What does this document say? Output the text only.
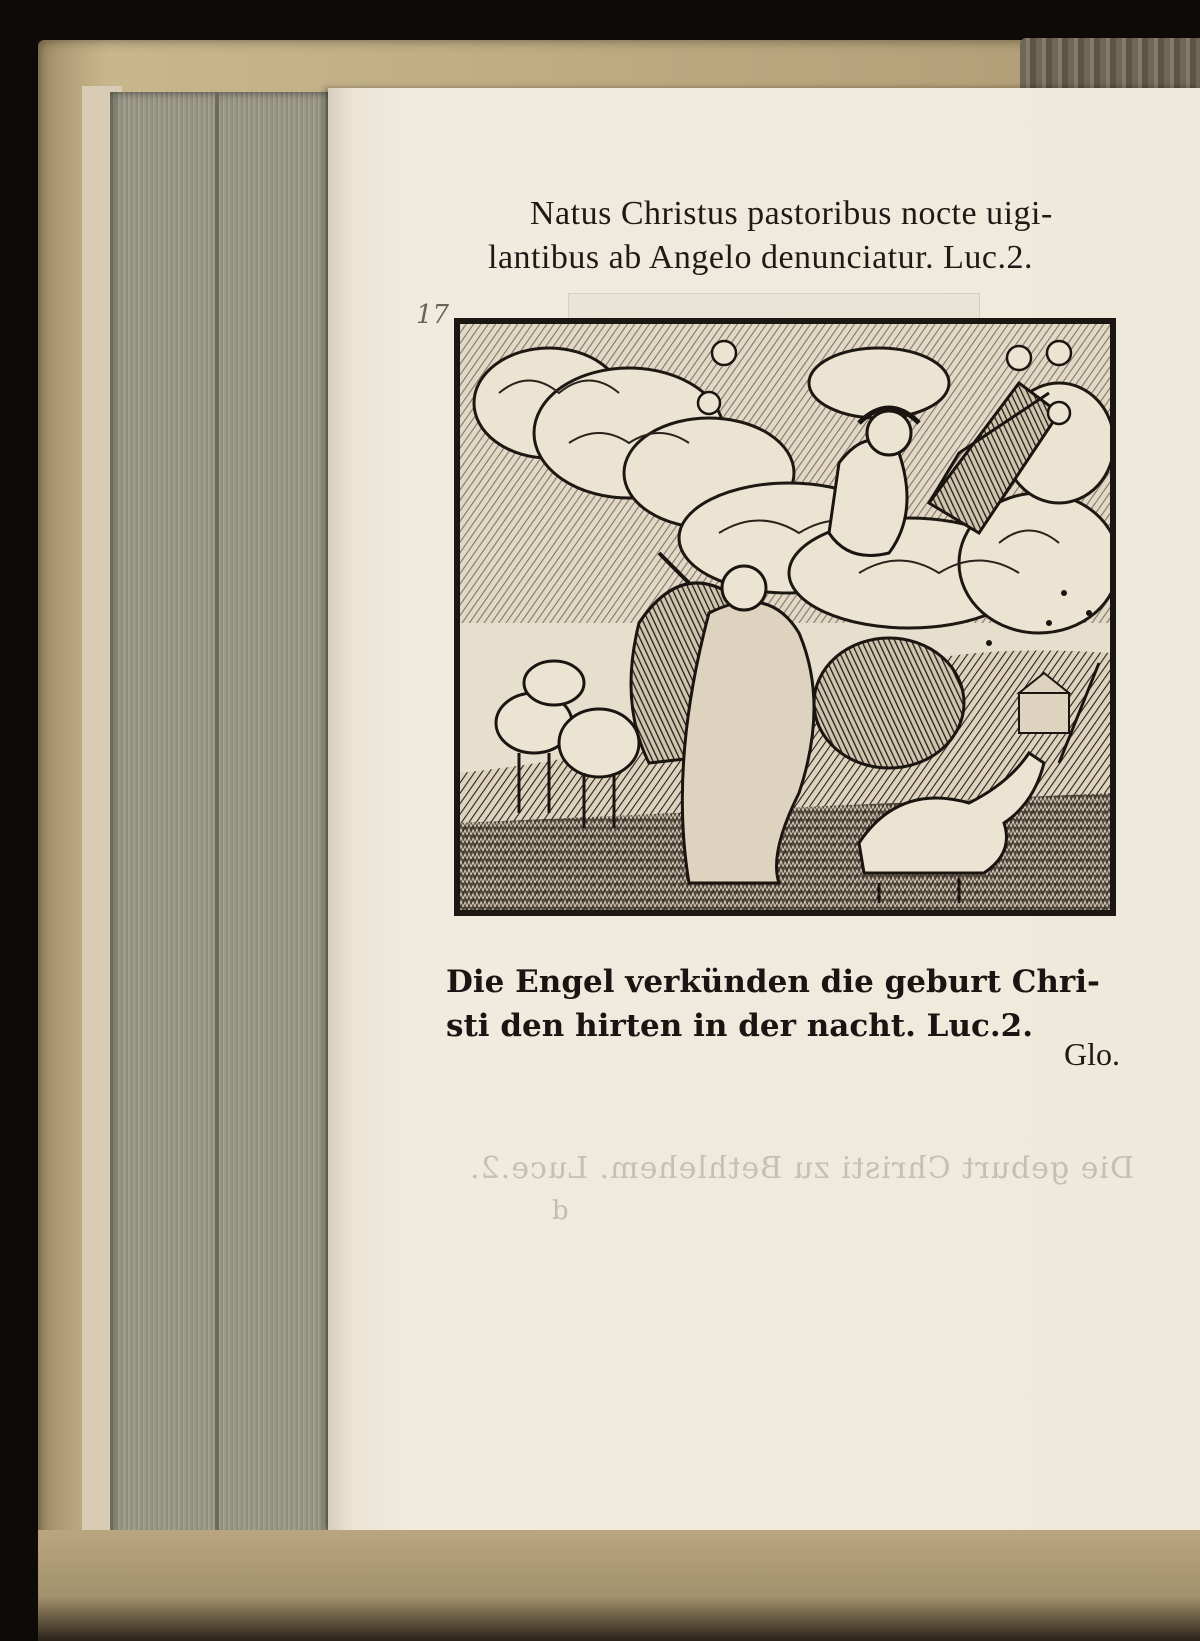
Die geburt Christi zu Bethlehem. Luce.2.
b
Natus Christus pastoribus nocte uigi-
lantibus ab Angelo denunciatur. Luc.2.
17
Die Engel verkünden die geburt Chri-
sti den hirten in der nacht. Luc.2.
Glo.
